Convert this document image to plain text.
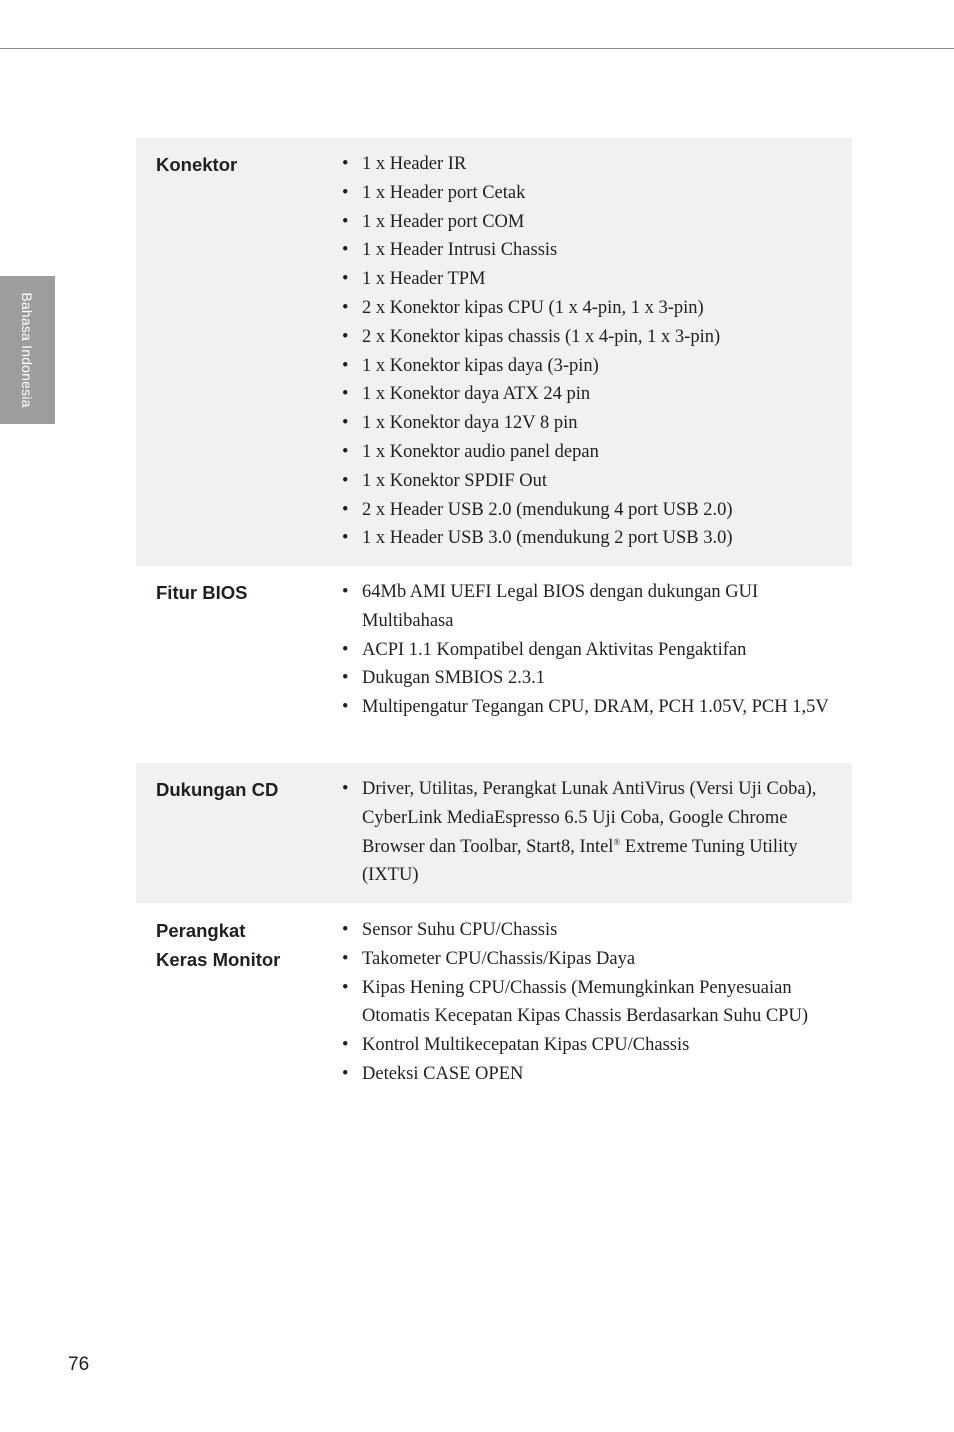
Bahasa Indonesia
Konektor	• 1 x Header IR
• 1 x Header port Cetak
• 1 x Header port COM
• 1 x Header Intrusi Chassis
• 1 x Header TPM
• 2 x Konektor kipas CPU (1 x 4-pin, 1 x 3-pin)
• 2 x Konektor kipas chassis (1 x 4-pin, 1 x 3-pin)
• 1 x Konektor kipas daya (3-pin)
• 1 x Konektor daya ATX 24 pin
• 1 x Konektor daya 12V 8 pin
• 1 x Konektor audio panel depan
• 1 x Konektor SPDIF Out
• 2 x Header USB 2.0 (mendukung 4 port USB 2.0)
• 1 x Header USB 3.0 (mendukung 2 port USB 3.0)
Fitur BIOS	• 64Mb AMI UEFI Legal BIOS dengan dukungan GUI Multibahasa
• ACPI 1.1 Kompatibel dengan Aktivitas Pengaktifan
• Dukugan SMBIOS 2.3.1
• Multipengatur Tegangan CPU, DRAM, PCH 1.05V, PCH 1,5V
Dukungan CD	• Driver, Utilitas, Perangkat Lunak AntiVirus (Versi Uji Coba), CyberLink MediaEspresso 6.5 Uji Coba, Google Chrome Browser dan Toolbar, Start8, Intel® Extreme Tuning Utility (IXTU)
Perangkat
Keras Monitor
• Sensor Suhu CPU/Chassis
• Takometer CPU/Chassis/Kipas Daya
• Kipas Hening CPU/Chassis (Memungkinkan Penyesuaian Otomatis Kecepatan Kipas Chassis Berdasarkan Suhu CPU)
• Kontrol Multikecepatan Kipas CPU/Chassis
• Deteksi CASE OPEN
76
